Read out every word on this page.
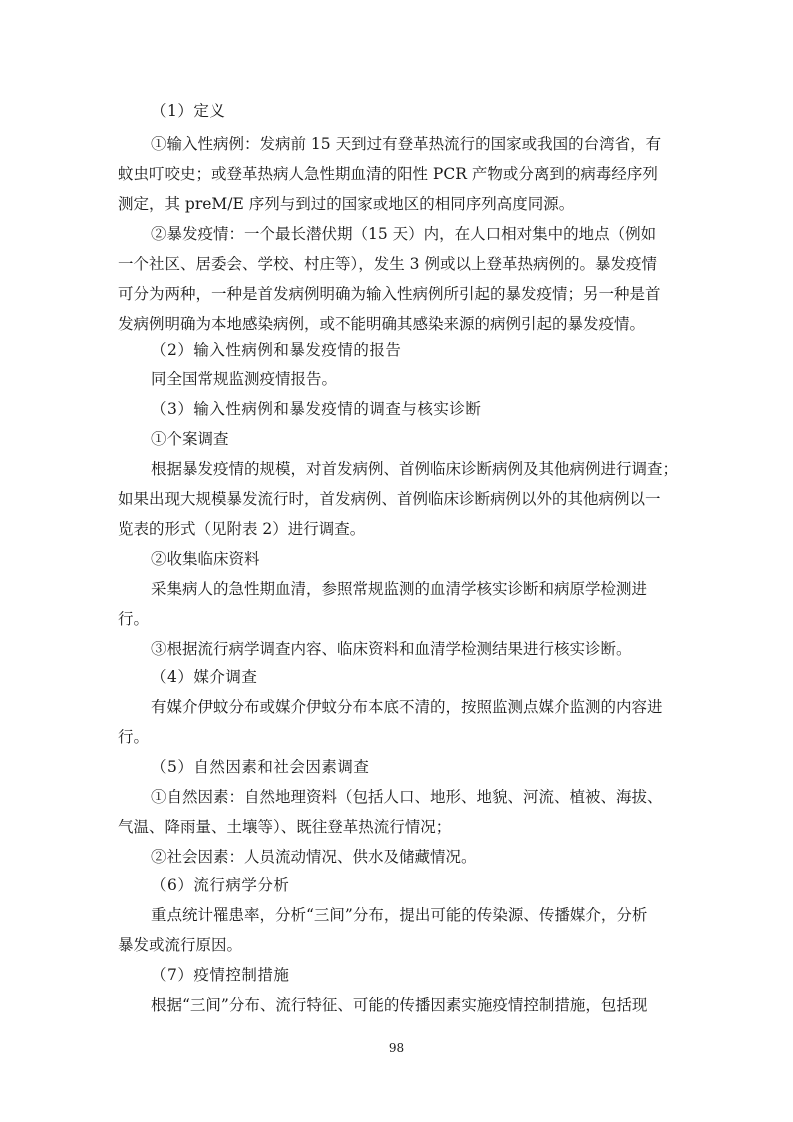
（1）定义
①输入性病例：发病前 15 天到过有登革热流行的国家或我国的台湾省，有
蚊虫叮咬史；或登革热病人急性期血清的阳性 PCR 产物或分离到的病毒经序列
测定，其 preM/E 序列与到过的国家或地区的相同序列高度同源。
②暴发疫情：一个最长潜伏期（15 天）内，在人口相对集中的地点（例如
一个社区、居委会、学校、村庄等），发生 3 例或以上登革热病例的。暴发疫情
可分为两种，一种是首发病例明确为输入性病例所引起的暴发疫情；另一种是首
发病例明确为本地感染病例，或不能明确其感染来源的病例引起的暴发疫情。
（2）输入性病例和暴发疫情的报告
同全国常规监测疫情报告。
（3）输入性病例和暴发疫情的调查与核实诊断
①个案调查
根据暴发疫情的规模，对首发病例、首例临床诊断病例及其他病例进行调查；
如果出现大规模暴发流行时，首发病例、首例临床诊断病例以外的其他病例以一
览表的形式（见附表 2）进行调查。
②收集临床资料
采集病人的急性期血清，参照常规监测的血清学核实诊断和病原学检测进
行。
③根据流行病学调查内容、临床资料和血清学检测结果进行核实诊断。
（4）媒介调查
有媒介伊蚊分布或媒介伊蚊分布本底不清的，按照监测点媒介监测的内容进
行。
（5）自然因素和社会因素调查
①自然因素：自然地理资料（包括人口、地形、地貌、河流、植被、海拔、
气温、降雨量、土壤等）、既往登革热流行情况；
②社会因素：人员流动情况、供水及储藏情况。
（6）流行病学分析
重点统计罹患率，分析“三间”分布，提出可能的传染源、传播媒介，分析
暴发或流行原因。
（7）疫情控制措施
根据“三间”分布、流行特征、可能的传播因素实施疫情控制措施，包括现
98
